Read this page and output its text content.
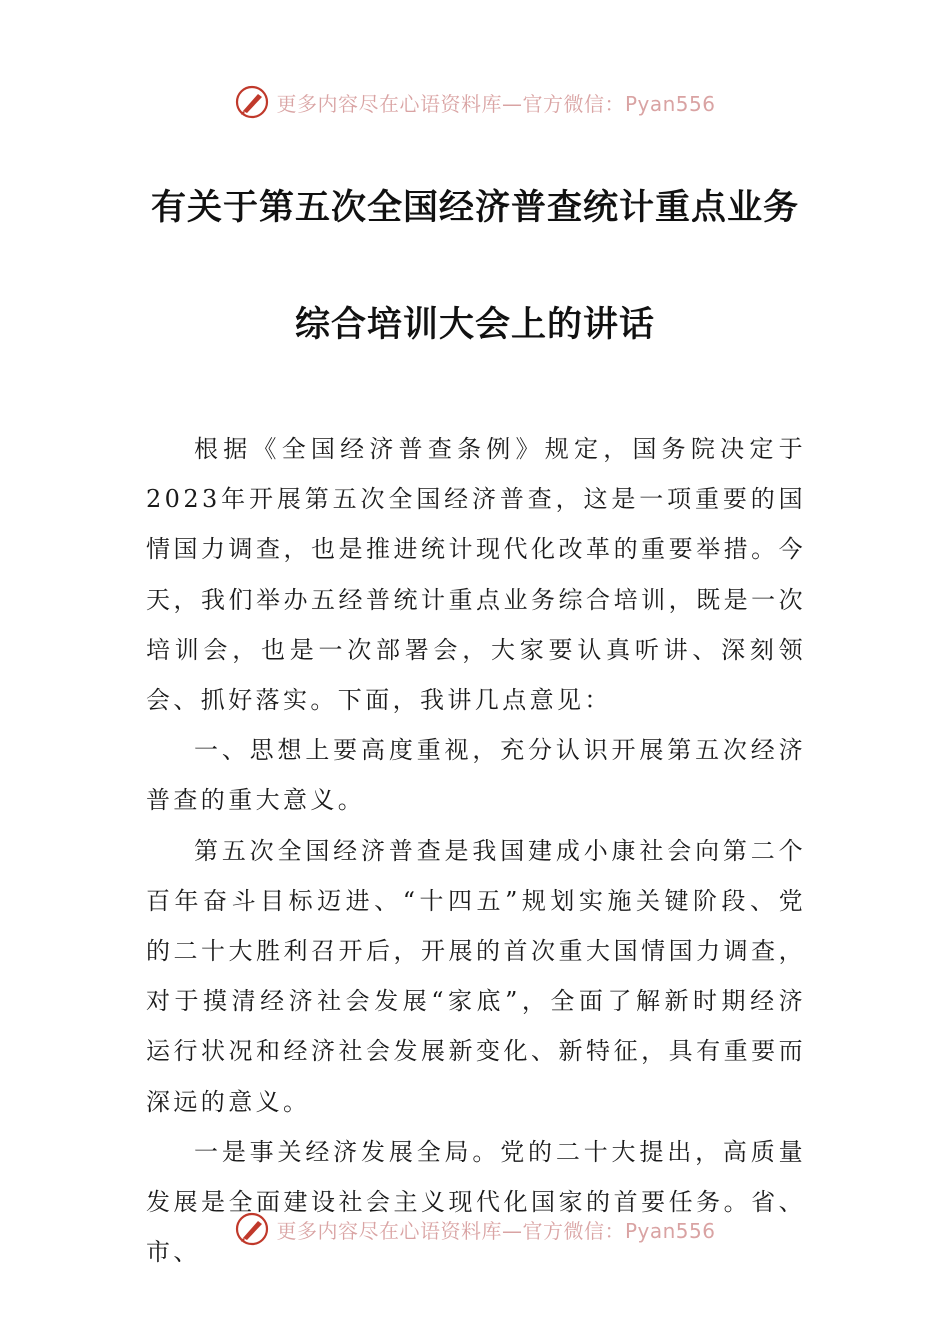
更多内容尽在心语资料库—官方微信：Pyan556
有关于第五次全国经济普查统计重点业务
综合培训大会上的讲话

根据《全国经济普查条例》规定，国务院决定于2023年开展第五次全国经济普查，这是一项重要的国情国力调查，也是推进统计现代化改革的重要举措。今天，我们举办五经普统计重点业务综合培训，既是一次培训会，也是一次部署会，大家要认真听讲、深刻领会、抓好落实。下面，我讲几点意见：

一、思想上要高度重视，充分认识开展第五次经济普查的重大意义。

第五次全国经济普查是我国建成小康社会向第二个百年奋斗目标迈进、“十四五”规划实施关键阶段、党的二十大胜利召开后，开展的首次重大国情国力调查，对于摸清经济社会发展“家底”，全面了解新时期经济运行状况和经济社会发展新变化、新特征，具有重要而深远的意义。

一是事关经济发展全局。党的二十大提出，高质量发展是全面建设社会主义现代化国家的首要任务。省、市、

更多内容尽在心语资料库—官方微信：Pyan556
